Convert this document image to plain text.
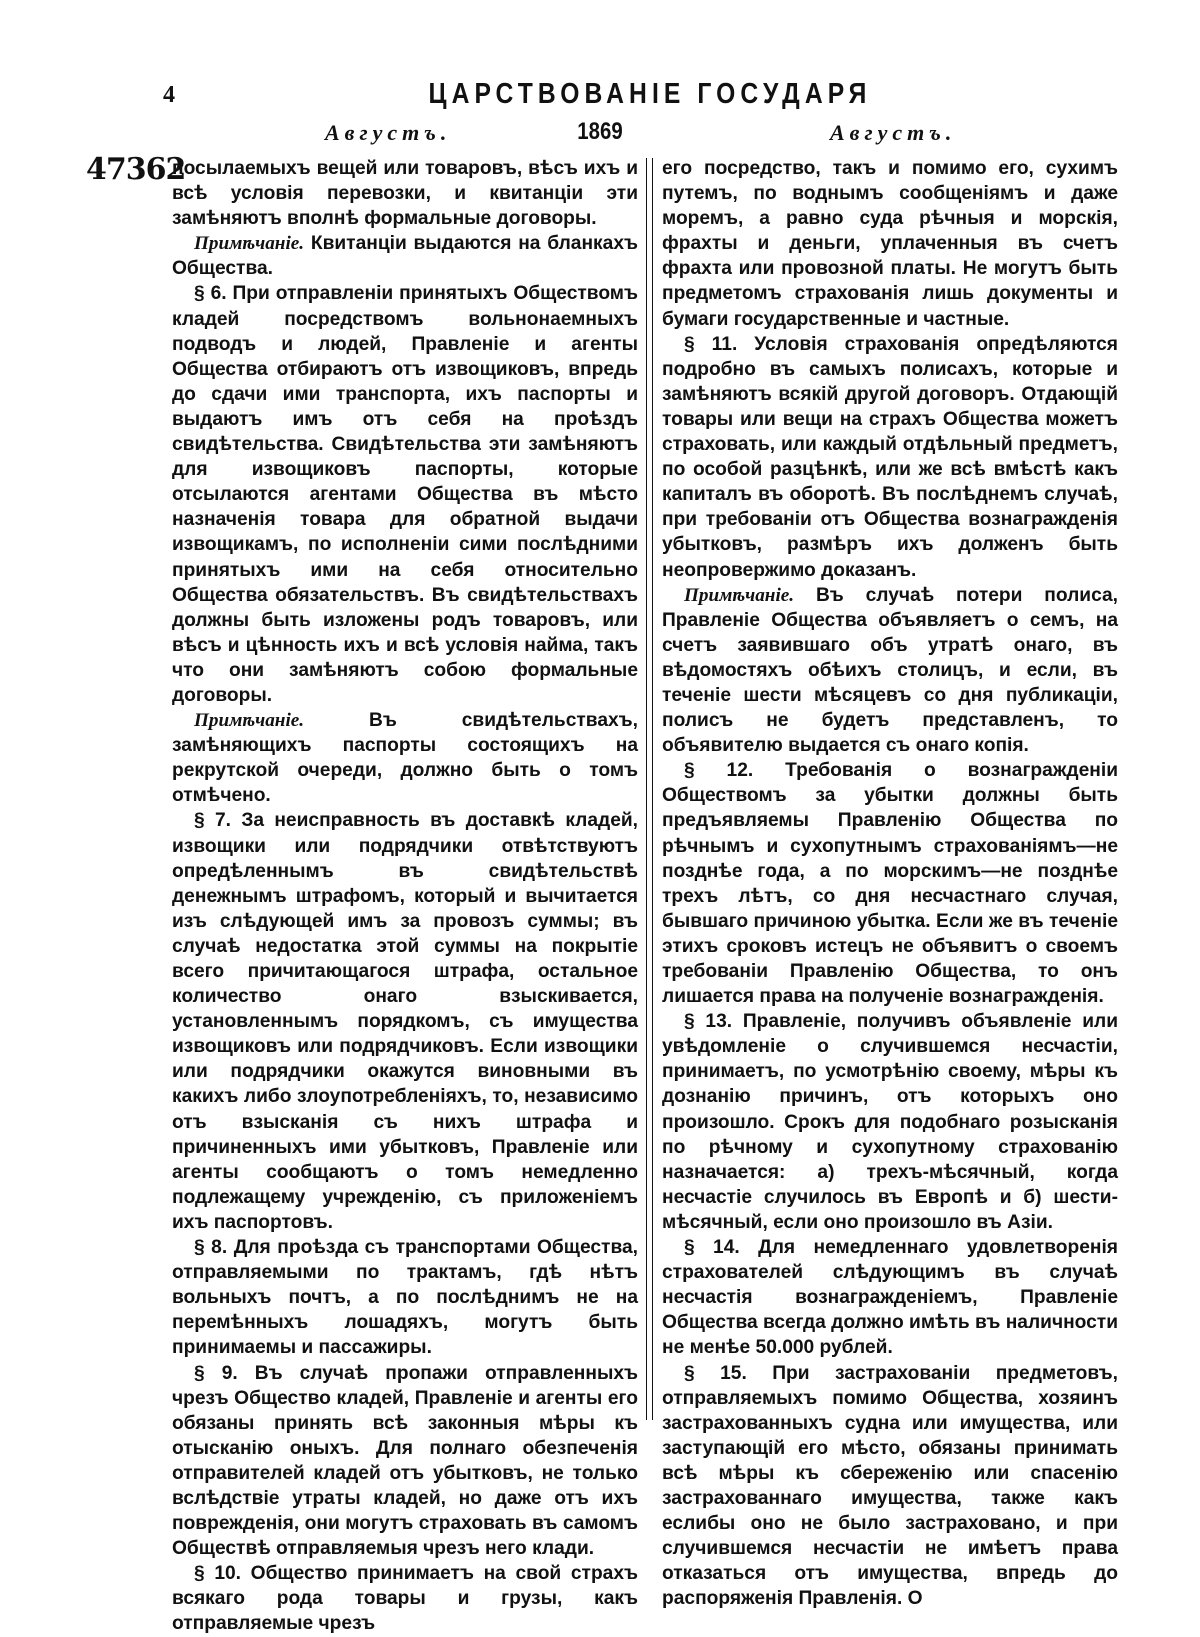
4	ЦАРСТВОВАНІЕ ГОСУДАРЯ
Августъ.	1869	Августъ.
47362

посылаемыхъ вещей или товаровъ, вѣсъ ихъ и всѣ условія перевозки, и квитанціи эти замѣняютъ вполнѣ формальные договоры.

Примѣчаніе. Квитанціи выдаются на бланкахъ Общества.

§ 6. При отправленіи принятыхъ Обществомъ кладей посредствомъ вольнонаемныхъ подводъ и людей, Правленіе и агенты Общества отбираютъ отъ извощиковъ, впредь до сдачи ими транспорта, ихъ паспорты и выдаютъ имъ отъ себя на проѣздъ свидѣтельства. Свидѣтельства эти замѣняютъ для извощиковъ паспорты, которые отсылаются агентами Общества въ мѣсто назначенія товара для обратной выдачи извощикамъ, по исполненіи сими послѣдними принятыхъ ими на себя относительно Общества обязательствъ. Въ свидѣтельствахъ должны быть изложены родъ товаровъ, или вѣсъ и цѣнность ихъ и всѣ условія найма, такъ что они замѣняютъ собою формальные договоры.

Примѣчаніе. Въ свидѣтельствахъ, замѣняющихъ паспорты состоящихъ на рекрутской очереди, должно быть о томъ отмѣчено.

§ 7. За неисправность въ доставкѣ кладей, извощики или подрядчики отвѣтствуютъ опредѣленнымъ въ свидѣтельствѣ денежнымъ штрафомъ, который и вычитается изъ слѣдующей имъ за провозъ суммы; въ случаѣ недостатка этой суммы на покрытіе всего причитающагося штрафа, остальное количество онаго взыскивается, установленнымъ порядкомъ, съ имущества извощиковъ или подрядчиковъ. Если извощики или подрядчики окажутся виновными въ какихъ либо злоупотребленіяхъ, то, независимо отъ взысканія съ нихъ штрафа и причиненныхъ ими убытковъ, Правленіе или агенты сообщаютъ о томъ немедленно подлежащему учрежденію, съ приложеніемъ ихъ паспортовъ.

§ 8. Для проѣзда съ транспортами Общества, отправляемыми по трактамъ, гдѣ нѣтъ вольныхъ почтъ, а по послѣднимъ не на перемѣнныхъ лошадяхъ, могутъ быть принимаемы и пассажиры.

§ 9. Въ случаѣ пропажи отправленныхъ чрезъ Общество кладей, Правленіе и агенты его обязаны принять всѣ законныя мѣры къ отысканію оныхъ. Для полнаго обезпеченія отправителей кладей отъ убытковъ, не только вслѣдствіе утраты кладей, но даже отъ ихъ поврежденія, они могутъ страховать въ самомъ Обществѣ отправляемыя чрезъ него клади.

§ 10. Общество принимаетъ на свой страхъ всякаго рода товары и грузы, какъ отправляемые чрезъ

его посредство, такъ и помимо его, сухимъ путемъ, по воднымъ сообщеніямъ и даже моремъ, а равно суда рѣчныя и морскія, фрахты и деньги, уплаченныя въ счетъ фрахта или провозной платы. Не могутъ быть предметомъ страхованія лишь документы и бумаги государственные и частные.

§ 11. Условія страхованія опредѣляются подробно въ самыхъ полисахъ, которые и замѣняютъ всякій другой договоръ. Отдающій товары или вещи на страхъ Общества можетъ страховать, или каждый отдѣльный предметъ, по особой разцѣнкѣ, или же всѣ вмѣстѣ какъ капиталъ въ оборотѣ. Въ послѣднемъ случаѣ, при требованіи отъ Общества вознагражденія убытковъ, размѣръ ихъ долженъ быть неопровержимо доказанъ.

Примѣчаніе. Въ случаѣ потери полиса, Правленіе Общества объявляетъ о семъ, на счетъ заявившаго объ утратѣ онаго, въ вѣдомостяхъ обѣихъ столицъ, и если, въ теченіе шести мѣсяцевъ со дня публикаціи, полисъ не будетъ представленъ, то объявителю выдается съ онаго копія.

§ 12. Требованія о вознагражденіи Обществомъ за убытки должны быть предъявляемы Правленію Общества по рѣчнымъ и сухопутнымъ страхованіямъ—не позднѣе года, а по морскимъ—не позднѣе трехъ лѣтъ, со дня несчастнаго случая, бывшаго причиною убытка. Если же въ теченіе этихъ сроковъ истецъ не объявитъ о своемъ требованіи Правленію Общества, то онъ лишается права на полученіе вознагражденія.

§ 13. Правленіе, получивъ объявленіе или увѣдомленіе о случившемся несчастіи, принимаетъ, по усмотрѣнію своему, мѣры къ дознанію причинъ, отъ которыхъ оно произошло. Срокъ для подобнаго розысканія по рѣчному и сухопутному страхованію назначается: а) трехъ-мѣсячный, когда несчастіе случилось въ Европѣ и б) шести-мѣсячный, если оно произошло въ Азіи.

§ 14. Для немедленнаго удовлетворенія страхователей слѣдующимъ въ случаѣ несчастія вознагражденіемъ, Правленіе Общества всегда должно имѣть въ наличности не менѣе 50.000 рублей.

§ 15. При застрахованіи предметовъ, отправляемыхъ помимо Общества, хозяинъ застрахованныхъ судна или имущества, или заступающій его мѣсто, обязаны принимать всѣ мѣры къ сбереженію или спасенію застрахованнаго имущества, также какъ еслибы оно не было застраховано, и при случившемся несчастіи не имѣетъ права отказаться отъ имущества, впредь до распоряженія Правленія. О
